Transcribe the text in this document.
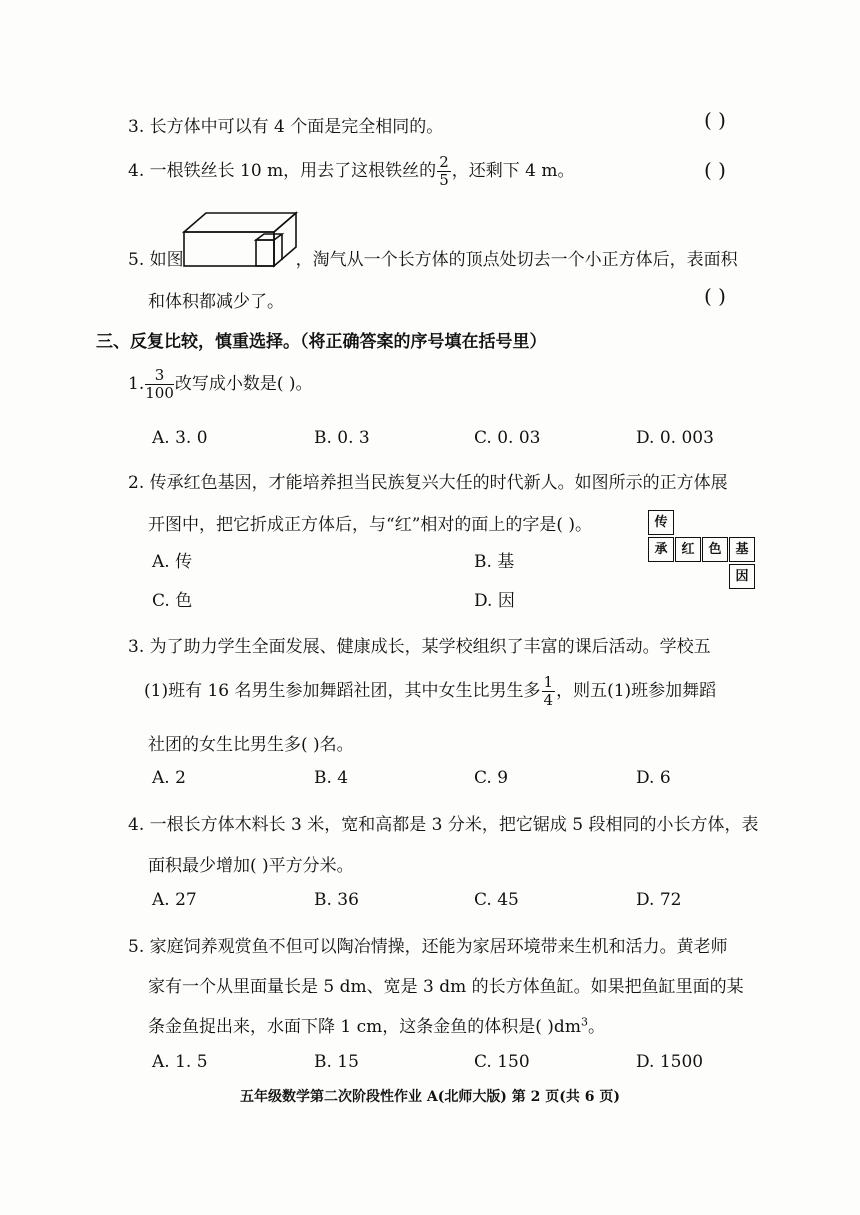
3. 长方体中可以有 4 个面是完全相同的。	( )
4. 一根铁丝长 10 m，用去了这根铁丝的 $\frac{2}{5}$ ，还剩下 4 m。	( )
5. 如图	，淘气从一个长方体的顶点处切去一个小正方体后，表面积
和体积都减少了。	( )
三、反复比较，慎重选择。（将正确答案的序号填在括号里）
1. $\frac{3}{100}$ 改写成小数是( )。
A. 3. 0	B. 0. 3	C. 0. 03	D. 0. 003
2. 传承红色基因，才能培养担当民族复兴大任的时代新人。如图所示的正方体展
开图中，把它折成正方体后，与“红”相对的面上的字是( )。
A. 传	B. 基
C. 色	D. 因
传
承	红	色	基
因
3. 为了助力学生全面发展、健康成长，某学校组织了丰富的课后活动。学校五
(1)班有 16 名男生参加舞蹈社团，其中女生比男生多 $\frac{1}{4}$ ，则五(1)班参加舞蹈
社团的女生比男生多( )名。
A. 2	B. 4	C. 9	D. 6
4. 一根长方体木料长 3 米，宽和高都是 3 分米，把它锯成 5 段相同的小长方体，表
面积最少增加( )平方分米。
A. 27	B. 36	C. 45	D. 72
5. 家庭饲养观赏鱼不但可以陶冶情操，还能为家居环境带来生机和活力。黄老师
家有一个从里面量长是 5 dm、宽是 3 dm 的长方体鱼缸。如果把鱼缸里面的某
条金鱼捉出来，水面下降 1 cm，这条金鱼的体积是( )$dm^3$。
A. 1. 5	B. 15	C. 150	D. 1500
五年级数学第二次阶段性作业 A(北师大版) 第 2 页(共 6 页)
